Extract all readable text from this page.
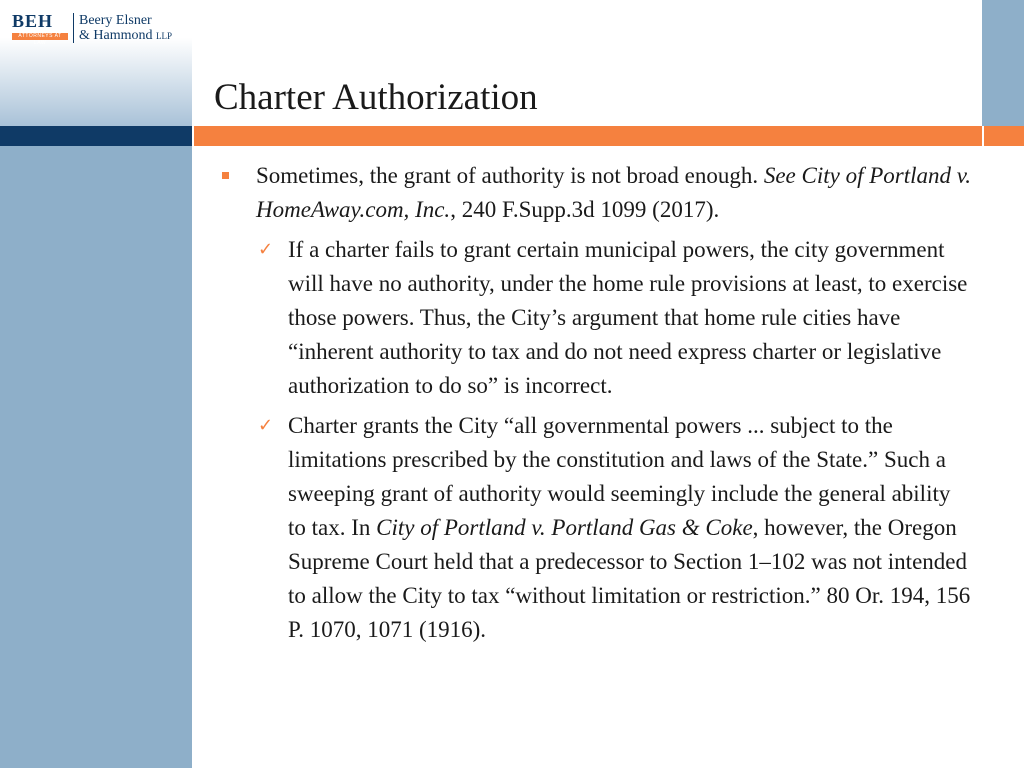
BEH
ATTORNEYS AT LAW
Beery Elsner
& Hammond LLP
Charter Authorization
Sometimes, the grant of authority is not broad enough. See City of Portland v. HomeAway.com, Inc., 240 F.Supp.3d 1099 (2017).
✓ If a charter fails to grant certain municipal powers, the city government will have no authority, under the home rule provisions at least, to exercise those powers. Thus, the City’s argument that home rule cities have “inherent authority to tax and do not need express charter or legislative authorization to do so” is incorrect.
✓ Charter grants the City “all governmental powers ... subject to the limitations prescribed by the constitution and laws of the State.” Such a sweeping grant of authority would seemingly include the general ability to tax. In City of Portland v. Portland Gas & Coke, however, the Oregon Supreme Court held that a predecessor to Section 1–102 was not intended to allow the City to tax “without limitation or restriction.” 80 Or. 194, 156 P. 1070, 1071 (1916).
